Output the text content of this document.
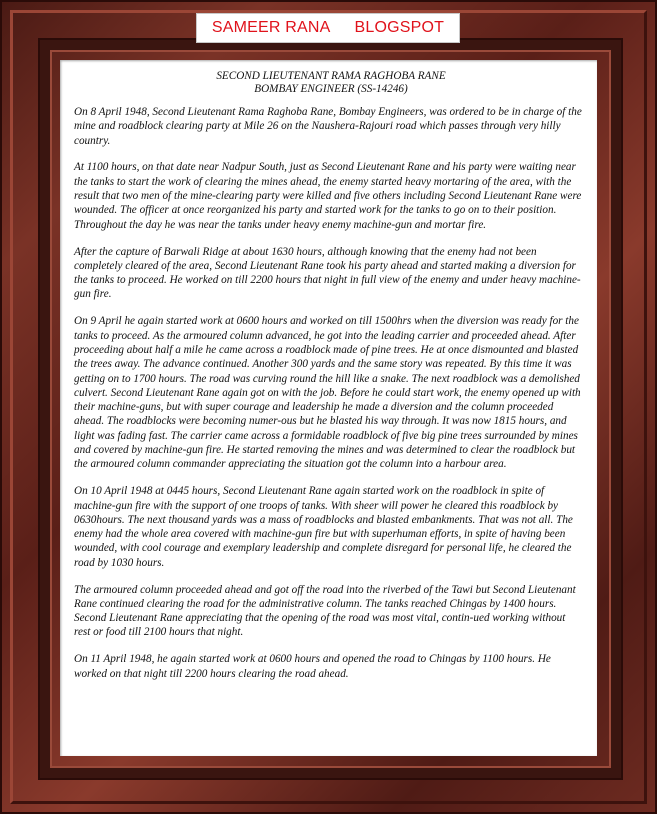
SAMEER RANA BLOGSPOT
SECOND LIEUTENANT RAMA RAGHOBA RANE
BOMBAY ENGINEER (SS-14246)

On 8 April 1948, Second Lieutenant Rama Raghoba Rane, Bombay Engineers, was ordered to be in charge of the mine and roadblock clearing party at Mile 26 on the Naushera-Rajouri road which passes through very hilly country.

At 1100 hours, on that date near Nadpur South, just as Second Lieutenant Rane and his party were waiting near the tanks to start the work of clearing the mines ahead, the enemy started heavy mortaring of the area, with the result that two men of the mine-clearing party were killed and five others including Second Lieutenant Rane were wounded. The officer at once reorganized his party and started work for the tanks to go on to their position. Throughout the day he was near the tanks under heavy enemy machine-gun and mortar fire.

After the capture of Barwali Ridge at about 1630 hours, although knowing that the enemy had not been completely cleared of the area, Second Lieutenant Rane took his party ahead and started making a diversion for the tanks to proceed. He worked on till 2200 hours that night in full view of the enemy and under heavy machine-gun fire.

On 9 April he again started work at 0600 hours and worked on till 1500hrs when the diversion was ready for the tanks to proceed. As the armoured column advanced, he got into the leading carrier and proceeded ahead. After proceeding about half a mile he came across a roadblock made of pine trees. He at once dismounted and blasted the trees away. The advance continued. Another 300 yards and the same story was repeated. By this time it was getting on to 1700 hours. The road was curving round the hill like a snake. The next roadblock was a demolished culvert. Second Lieutenant Rane again got on with the job. Before he could start work, the enemy opened up with their machine-guns, but with super courage and leadership he made a diversion and the column proceeded ahead. The roadblocks were becoming numer-ous but he blasted his way through. It was now 1815 hours, and light was fading fast. The carrier came across a formidable roadblock of five big pine trees surrounded by mines and covered by machine-gun fire. He started removing the mines and was determined to clear the roadblock but the armoured column commander appreciating the situation got the column into a harbour area.

On 10 April 1948 at 0445 hours, Second Lieutenant Rane again started work on the roadblock in spite of machine-gun fire with the support of one troops of tanks. With sheer will power he cleared this roadblock by 0630hours. The next thousand yards was a mass of roadblocks and blasted embankments. That was not all. The enemy had the whole area covered with machine-gun fire but with superhuman efforts, in spite of having been wounded, with cool courage and exemplary leadership and complete disregard for personal life, he cleared the road by 1030 hours.

The armoured column proceeded ahead and got off the road into the riverbed of the Tawi but Second Lieutenant Rane continued clearing the road for the administrative column. The tanks reached Chingas by 1400 hours. Second Lieutenant Rane appreciating that the opening of the road was most vital, contin-ued working without rest or food till 2100 hours that night.

On 11 April 1948, he again started work at 0600 hours and opened the road to Chingas by 1100 hours. He worked on that night till 2200 hours clearing the road ahead.
